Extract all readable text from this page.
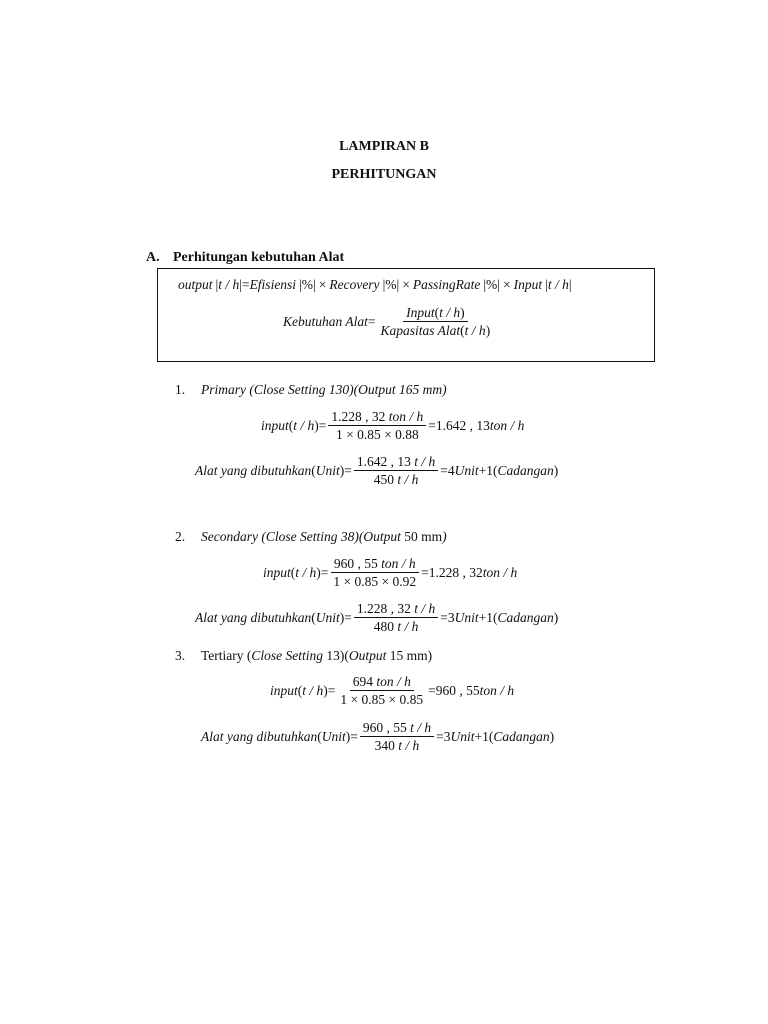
LAMPIRAN B
PERHITUNGAN
A. Perhitungan kebutuhan Alat
output | t / h |= Efisiensi | % | × Recovery | % | × PassingRate | % | × Input | t / h |
Kebutuhan Alat = $\frac{\text{Input(t / h)}}{\text{Kapasitas Alat(t / h)}}$
1. Primary (Close Setting 130)(Output 165 mm)
input ( t / h )= $\frac{\text{1.228 , 32 ton / h}}{1 \times 0.85 \times 0.88} = 1.642$ , 13 ton / h
Alat yang dibutuhkan ( Unit )= $\frac{1.642 , 13 t / h}{450 t / h} = 4$ Unit +1 ( Cadangan )
2. Secondary (Close Setting 38)(Output 50 mm)
input ( t / h )= $\frac{\text{960 , 55 ton / h}}{1 \times 0.85 \times 0.92} = 1.228$ , 32 ton / h
Alat yang dibutuhkan ( Unit )= $\frac{1.228 , 32 t / h}{480 t / h} = 3$ Unit +1 ( Cadangan )
3. Tertiary (Close Setting 13)(Output 15 mm)
input ( t / h )= $\frac{\text{694 ton / h}}{1 \times 0.85 \times 0.85} = 960$ , 55 ton / h
Alat yang dibutuhkan ( Unit )= $\frac{960 , 55 t / h}{340 t / h} = 3$ Unit +1 ( Cadangan )
